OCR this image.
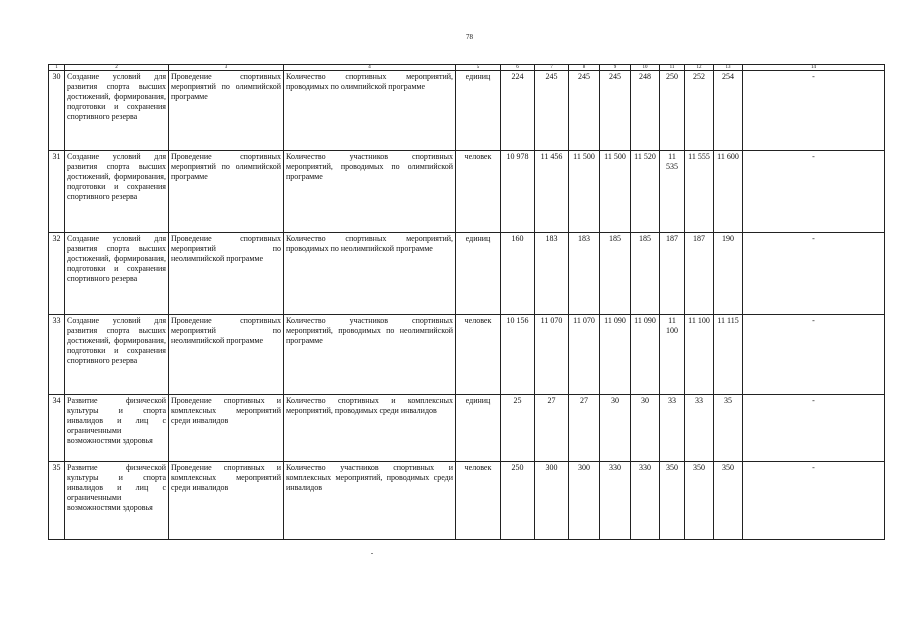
78
1	2	3	4	5	6	7	8	9	10	11	12	13	14
30	Создание условий для развития спорта высших достижений, формирования, подготовки и сохранения спортивного резерва	Проведение спортивных мероприятий по олимпийской программе	Количество спортивных мероприятий, проводимых по олимпийской программе	единиц	224	245	245	245	248	250	252	254	-
31	Создание условий для развития спорта высших достижений, формирования, подготовки и сохранения спортивного резерва	Проведение спортивных мероприятий по олимпийской программе	Количество участников спортивных мероприятий, проводимых по олимпийской программе	человек	10 978	11 456	11 500	11 500	11 520	11 535	11 555	11 600	-
32	Создание условий для развития спорта высших достижений, формирования, подготовки и сохранения спортивного резерва	Проведение спортивных мероприятий по неолимпийской программе	Количество спортивных мероприятий, проводимых по неолимпийской программе	единиц	160	183	183	185	185	187	187	190	-
33	Создание условий для развития спорта высших достижений, формирования, подготовки и сохранения спортивного резерва	Проведение спортивных мероприятий по неолимпийской программе	Количество участников спортивных мероприятий, проводимых по неолимпийской программе	человек	10 156	11 070	11 070	11 090	11 090	11 100	11 100	11 115	-
34	Развитие физической культуры и спорта инвалидов и лиц с ограниченными возможностями здоровья	Проведение спортивных и комплексных мероприятий среди инвалидов	Количество спортивных и комплексных мероприятий, проводимых среди инвалидов	единиц	25	27	27	30	30	33	33	35	-
35	Развитие физической культуры и спорта инвалидов и лиц с ограниченными возможностями здоровья	Проведение спортивных и комплексных мероприятий среди инвалидов	Количество участников спортивных и комплексных мероприятий, проводимых среди инвалидов	человек	250	300	300	330	330	350	350	350	-
